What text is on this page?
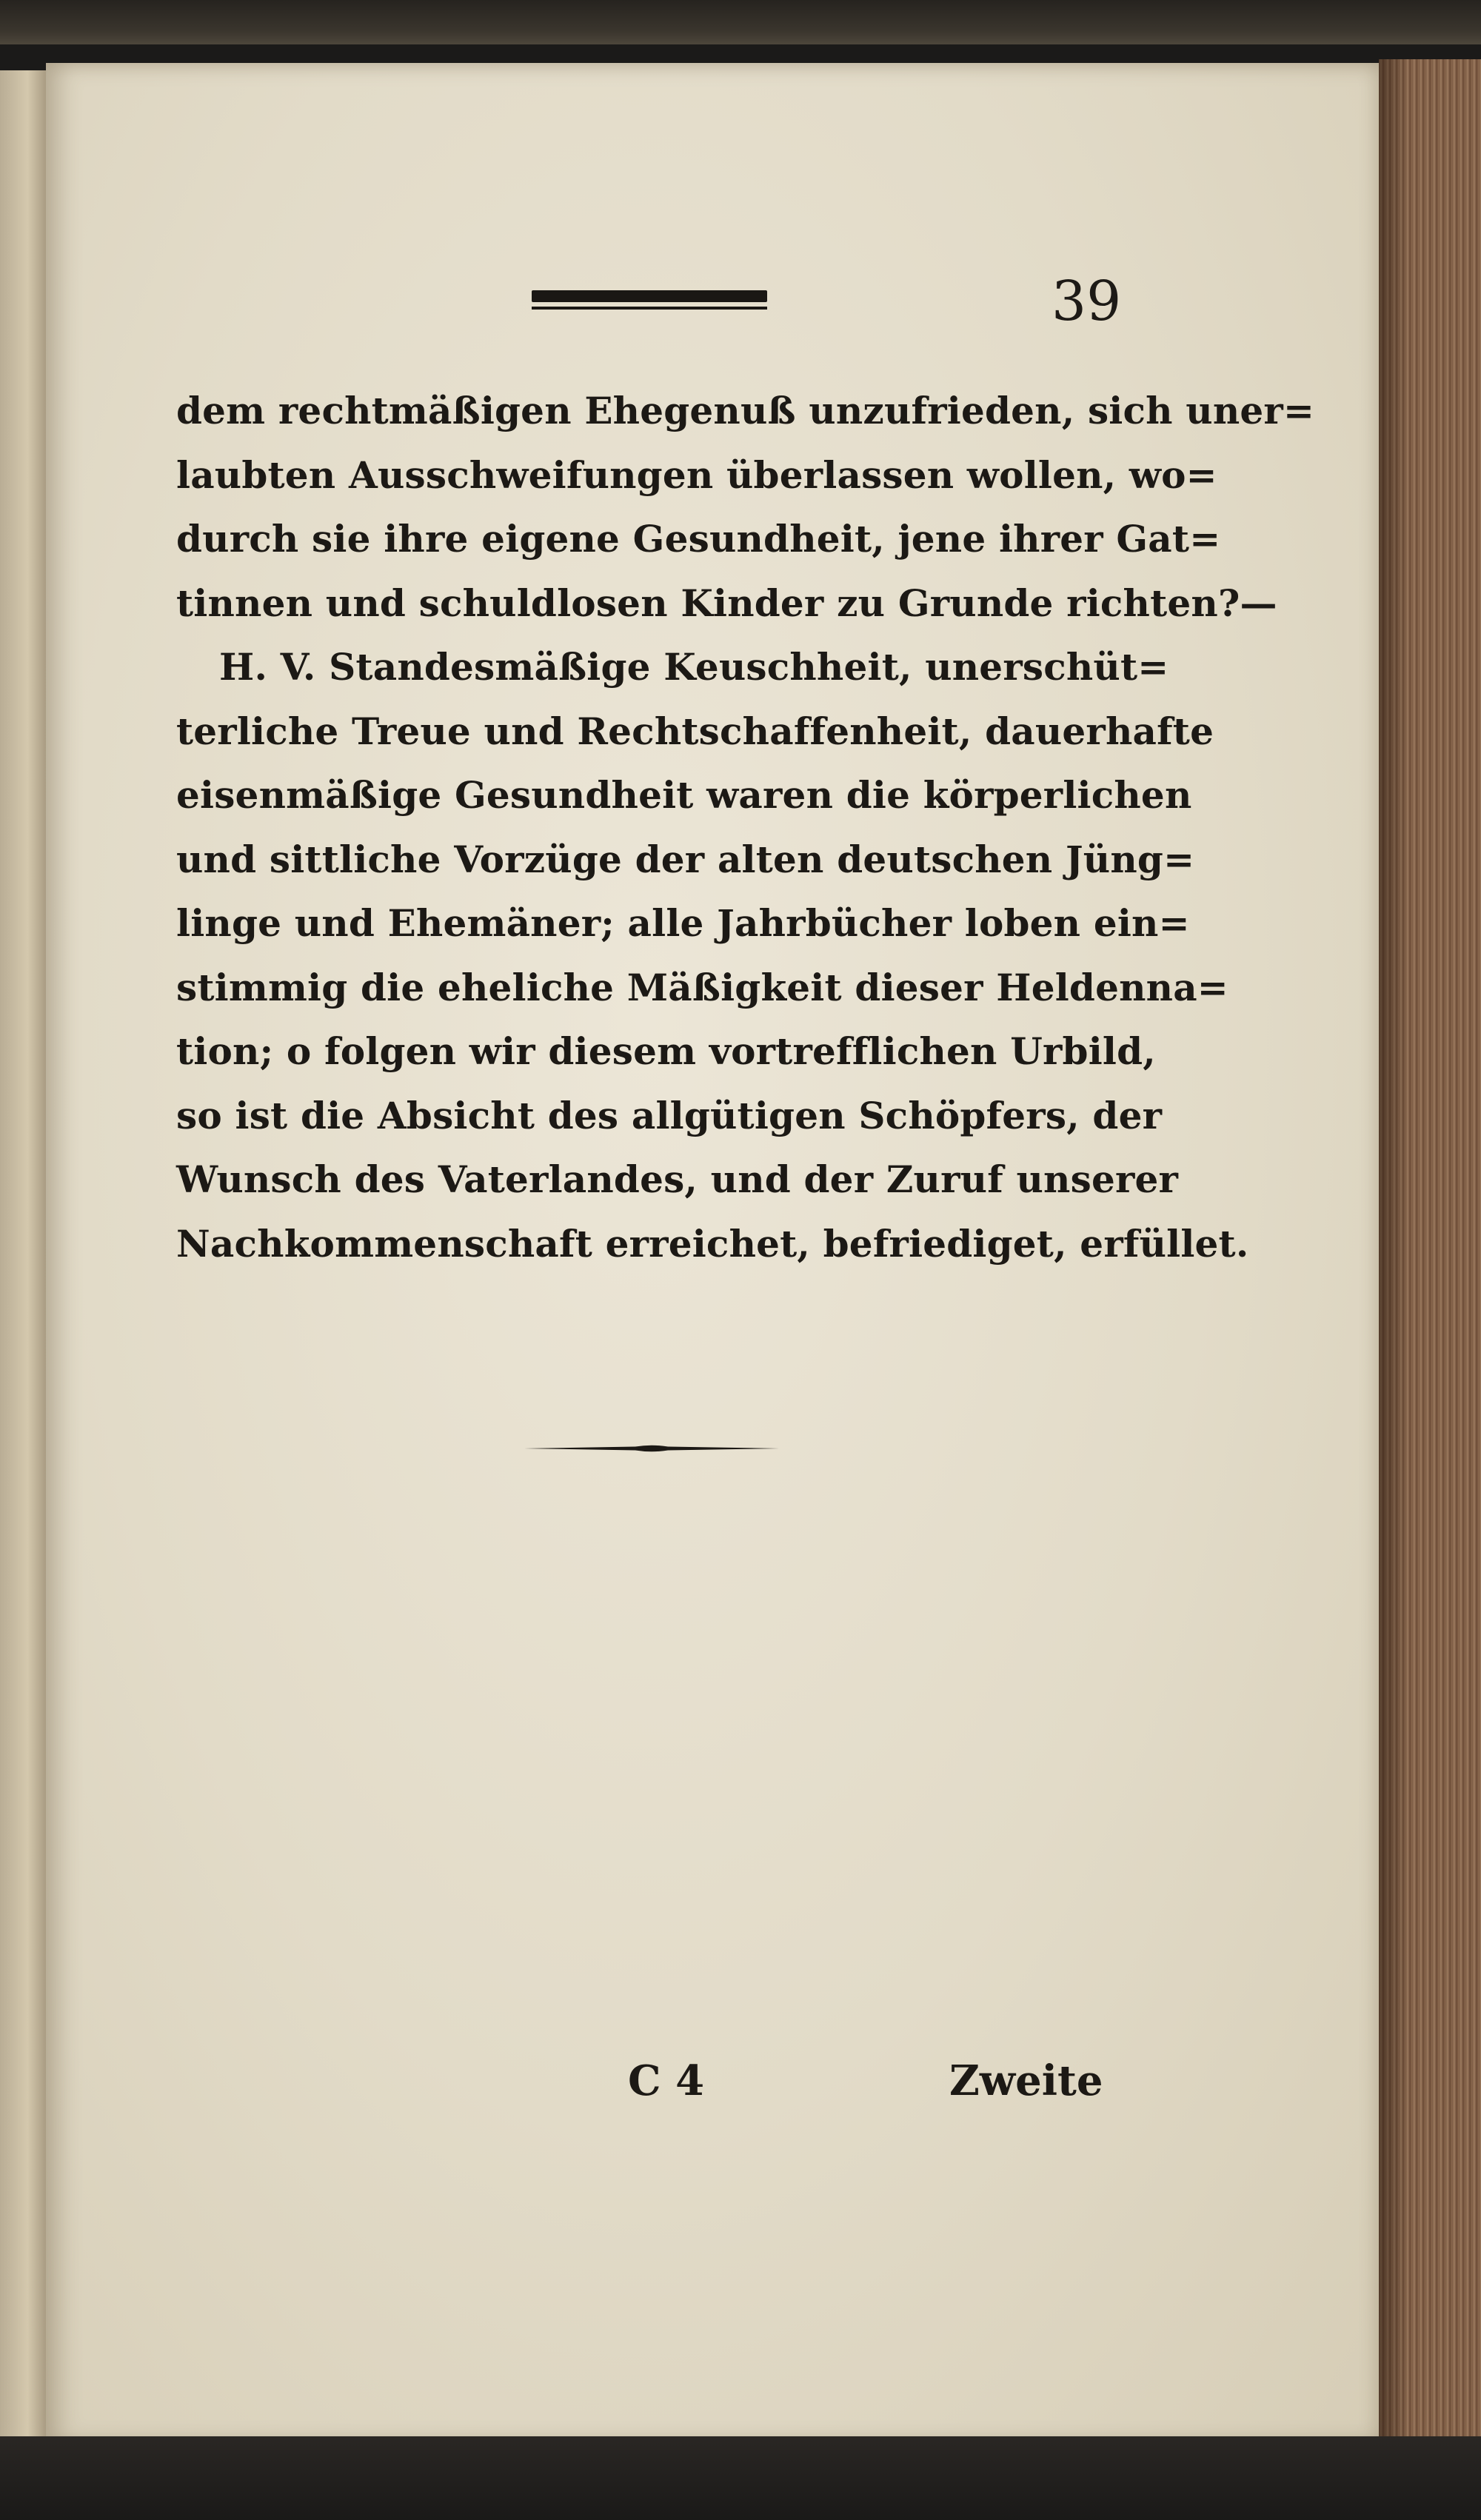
39
dem rechtmäßigen Ehegenuß unzufrieden, sich uner=
laubten Ausschweifungen überlassen wollen, wo=
durch sie ihre eigene Gesundheit, jene ihrer Gat=
tinnen und schuldlosen Kinder zu Grunde richten?—
H. V. Standesmäßige Keuschheit, unerschüt=
terliche Treue und Rechtschaffenheit, dauerhafte
eisenmäßige Gesundheit waren die körperlichen
und sittliche Vorzüge der alten deutschen Jüng=
linge und Ehemäner; alle Jahrbücher loben ein=
stimmig die eheliche Mäßigkeit dieser Heldenna=
tion; o folgen wir diesem vortrefflichen Urbild,
so ist die Absicht des allgütigen Schöpfers, der
Wunsch des Vaterlandes, und der Zuruf unserer
Nachkommenschaft erreichet, befriediget, erfüllet.
C 4	Zweite
